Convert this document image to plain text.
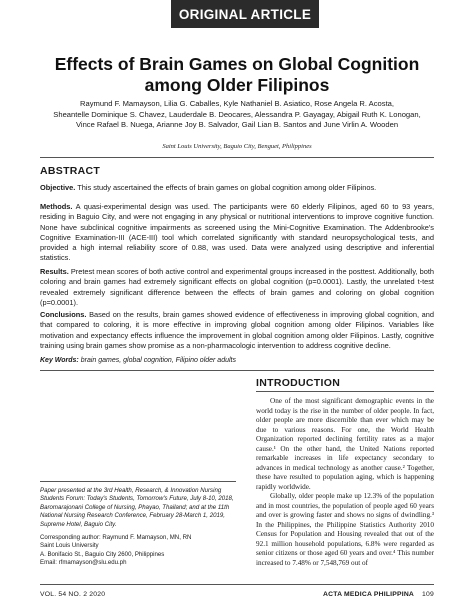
ORIGINAL ARTICLE
Effects of Brain Games on Global Cognition
among Older Filipinos
Raymund F. Mamayson, Lilia G. Caballes, Kyle Nathaniel B. Asiatico, Rose Angela R. Acosta,
Sheantelle Dominique S. Chavez, Lauderdale B. Deocares, Alessandra P. Gayagay, Abigail Ruth K. Lonogan,
Vince Rafael B. Nuega, Arianne Joy B. Salvador, Gail Lian B. Santos and June Virlin A. Wooden
Saint Louis University, Baguio City, Benguet, Philippines
ABSTRACT
Objective. This study ascertained the effects of brain games on global cognition among older Filipinos.
Methods. A quasi-experimental design was used. The participants were 60 elderly Filipinos, aged 60 to 93 years, residing in Baguio City, and were not engaging in any physical or nutritional interventions to improve cognitive function. None have subclinical cognitive impairments as screened using the Mini-Cognitive Examination. The Addenbrooke's Cognitive Examination-III (ACE-III) tool which correlated significantly with standard neuropsychological tests, and provided a high internal reliability score of 0.88, was used. Data were analyzed using descriptive and inferential statistics.
Results. Pretest mean scores of both active control and experimental groups increased in the posttest. Additionally, both coloring and brain games had extremely significant effects on global cognition (p=0.0001). Lastly, the unrelated t-test revealed extremely significant difference between the effects of brain games and coloring on global cognition (p=0.0001).
Conclusions. Based on the results, brain games showed evidence of effectiveness in improving global cognition, and that compared to coloring, it is more effective in improving global cognition among older Filipinos. Variables like motivation and expectancy effects influence the improvement in global cognition among older Filipinos. Lastly, cognitive training using brain games show promise as a non-pharmacologic intervention to address cognitive decline.
Key Words: brain games, global cognition, Filipino older adults
INTRODUCTION

One of the most significant demographic events in the world today is the rise in the number of older people. In fact, older people are more discernible than ever which may be due to various reasons. For one, the World Health Organization reported declining fertility rates as a major cause.¹ On the other hand, the United Nations reported remarkable increases in life expectancy secondary to advances in medical technology as another cause.² Together, these have resulted to population aging, which is happening rapidly worldwide.

Globally, older people make up 12.3% of the population and in most countries, the population of people aged 60 years and over is growing faster and shows no signs of dwindling.³ In the Philippines, the Philippine Statistics Authority 2010 Census for Population and Housing revealed that out of the 92.1 million household populations, 6.8% were regarded as senior citizens or those aged 60 years and over.⁴ This number increased to 7.48% or 7,548,769 out of

Paper presented at the 3rd Health, Research, & Innovation Nursing Students Forum: Today's Students, Tomorrow's Future, July 8-10, 2018, Baromarajonani College of Nursing, Phayao, Thailand; and at the 11th National Nursing Research Conference, February 28-March 1, 2019, Supreme Hotel, Baguio City.

Corresponding author: Raymund F. Mamayson, MN, RN
Saint Louis University
A. Bonifacio St., Baguio City 2600, Philippines
Email: rfmamayson@slu.edu.ph
VOL. 54 NO. 2 2020	ACTA MEDICA PHILIPPINA 109
